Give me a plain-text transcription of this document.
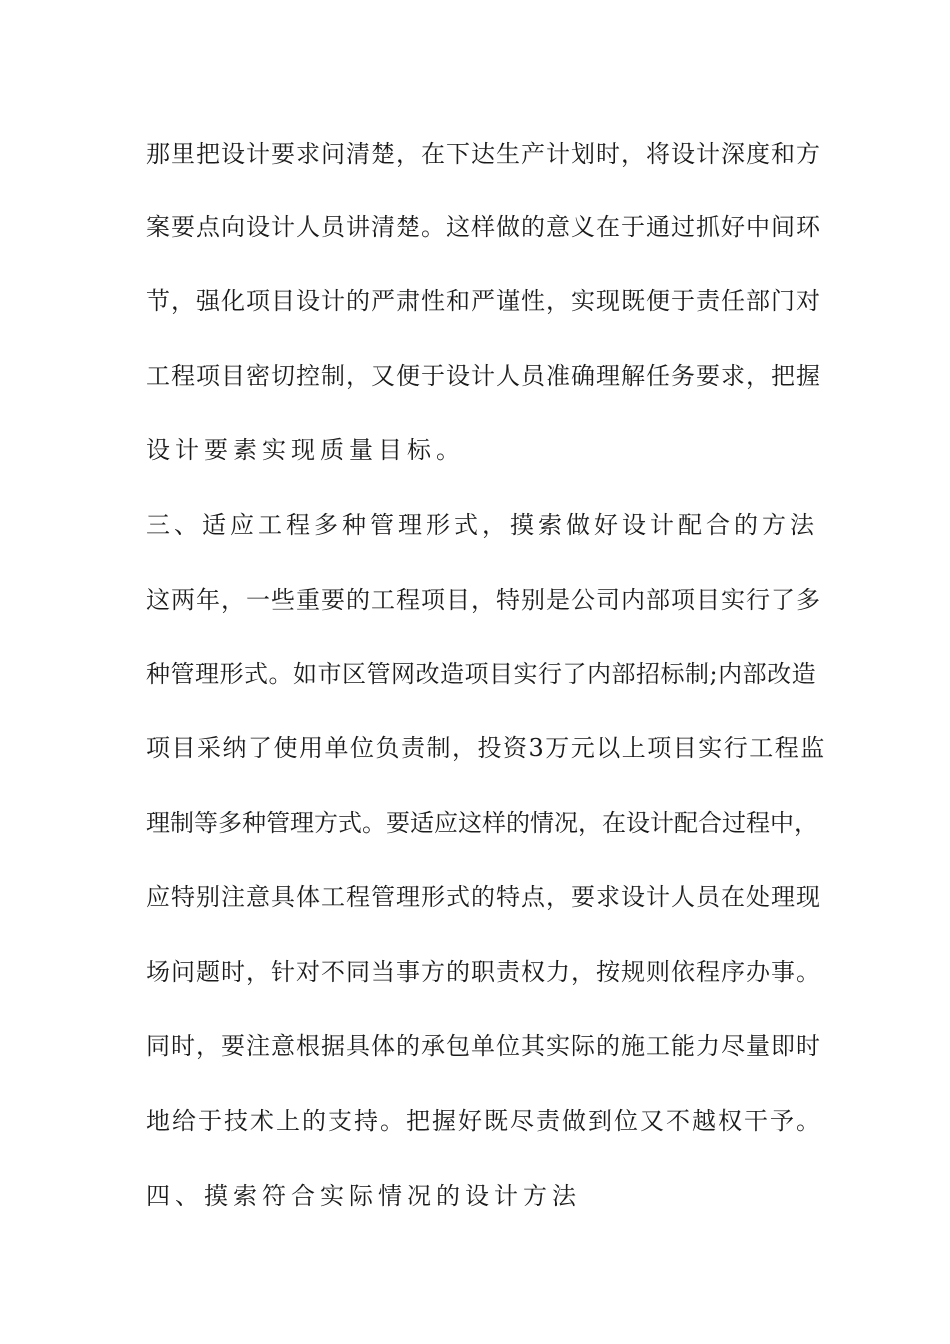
那里把设计要求问清楚，在下达生产计划时，将设计深度和方
案要点向设计人员讲清楚。这样做的意义在于通过抓好中间环
节，强化项目设计的严肃性和严谨性，实现既便于责任部门对
工程项目密切控制，又便于设计人员准确理解任务要求，把握
设计要素实现质量目标。
三、适应工程多种管理形式，摸索做好设计配合的方法
这两年，一些重要的工程项目，特别是公司内部项目实行了多
种管理形式。如市区管网改造项目实行了内部招标制;内部改造
项目采纳了使用单位负责制，投资3万元以上项目实行工程监
理制等多种管理方式。要适应这样的情况，在设计配合过程中，
应特别注意具体工程管理形式的特点，要求设计人员在处理现
场问题时，针对不同当事方的职责权力，按规则依程序办事。
同时，要注意根据具体的承包单位其实际的施工能力尽量即时
地给于技术上的支持。把握好既尽责做到位又不越权干予。
四、摸索符合实际情况的设计方法
